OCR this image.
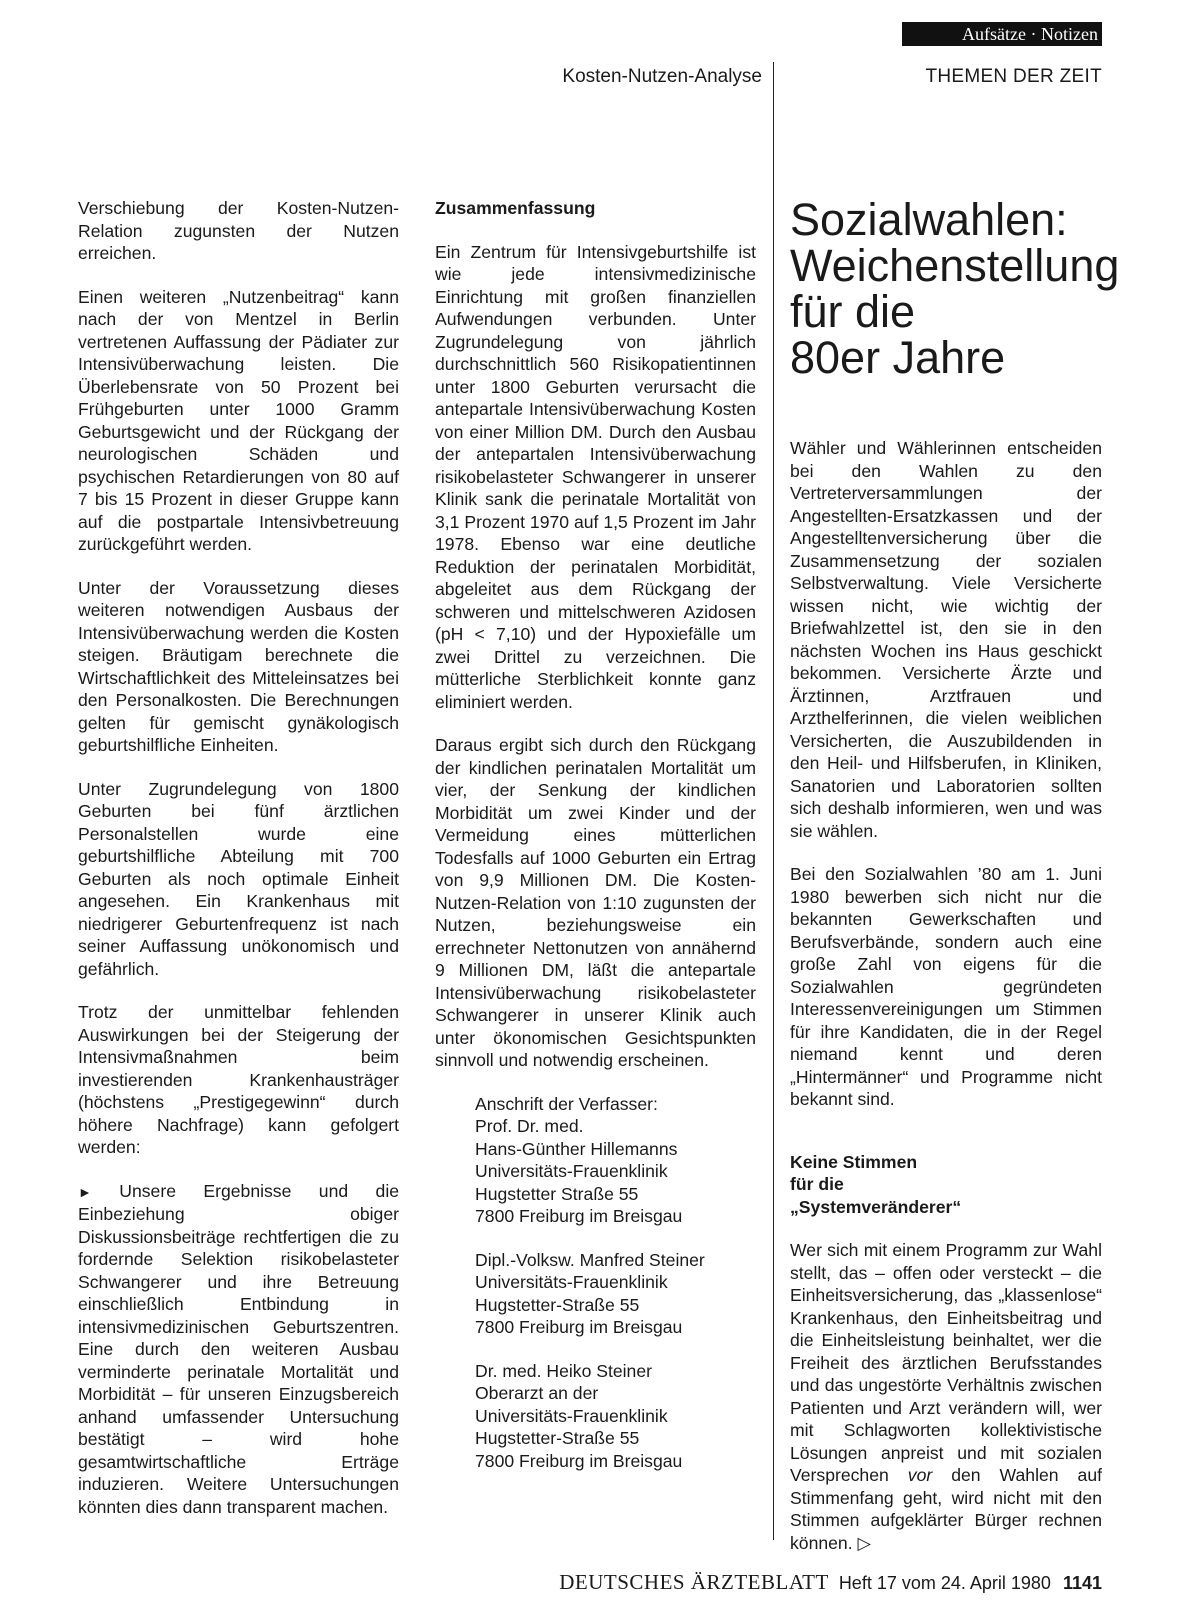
Aufsätze · Notizen
Kosten-Nutzen-Analyse	THEMEN DER ZEIT

Verschiebung der Kosten-Nutzen-Relation zugunsten der Nutzen erreichen.

Einen weiteren „Nutzenbeitrag“ kann nach der von Mentzel in Berlin vertretenen Auffassung der Pädiater zur Intensivüberwachung leisten. Die Überlebensrate von 50 Prozent bei Frühgeburten unter 1000 Gramm Geburtsgewicht und der Rückgang der neurologischen Schäden und psychischen Retardierungen von 80 auf 7 bis 15 Prozent in dieser Gruppe kann auf die postpartale Intensivbetreuung zurückgeführt werden.

Unter der Voraussetzung dieses weiteren notwendigen Ausbaus der Intensivüberwachung werden die Kosten steigen. Bräutigam berechnete die Wirtschaftlichkeit des Mitteleinsatzes bei den Personalkosten. Die Berechnungen gelten für gemischt gynäkologisch geburtshilfliche Einheiten.

Unter Zugrundelegung von 1800 Geburten bei fünf ärztlichen Personalstellen wurde eine geburtshilfliche Abteilung mit 700 Geburten als noch optimale Einheit angesehen. Ein Krankenhaus mit niedrigerer Geburtenfrequenz ist nach seiner Auffassung unökonomisch und gefährlich.

Trotz der unmittelbar fehlenden Auswirkungen bei der Steigerung der Intensivmaßnahmen beim investierenden Krankenhausträger (höchstens „Prestigegewinn“ durch höhere Nachfrage) kann gefolgert werden:

► Unsere Ergebnisse und die Einbeziehung obiger Diskussionsbeiträge rechtfertigen die zu fordernde Selektion risikobelasteter Schwangerer und ihre Betreuung einschließlich Entbindung in intensivmedizinischen Geburtszentren. Eine durch den weiteren Ausbau verminderte perinatale Mortalität und Morbidität – für unseren Einzugsbereich anhand umfassender Untersuchung bestätigt – wird hohe gesamtwirtschaftliche Erträge induzieren. Weitere Untersuchungen könnten dies dann transparent machen.

Zusammenfassung

Ein Zentrum für Intensivgeburtshilfe ist wie jede intensivmedizinische Einrichtung mit großen finanziellen Aufwendungen verbunden. Unter Zugrundelegung von jährlich durchschnittlich 560 Risikopatientinnen unter 1800 Geburten verursacht die antepartale Intensivüberwachung Kosten von einer Million DM. Durch den Ausbau der antepartalen Intensivüberwachung risikobelasteter Schwangerer in unserer Klinik sank die perinatale Mortalität von 3,1 Prozent 1970 auf 1,5 Prozent im Jahr 1978. Ebenso war eine deutliche Reduktion der perinatalen Morbidität, abgeleitet aus dem Rückgang der schweren und mittelschweren Azidosen (pH < 7,10) und der Hypoxiefälle um zwei Drittel zu verzeichnen. Die mütterliche Sterblichkeit konnte ganz eliminiert werden.

Daraus ergibt sich durch den Rückgang der kindlichen perinatalen Mortalität um vier, der Senkung der kindlichen Morbidität um zwei Kinder und der Vermeidung eines mütterlichen Todesfalls auf 1000 Geburten ein Ertrag von 9,9 Millionen DM. Die Kosten-Nutzen-Relation von 1:10 zugunsten der Nutzen, beziehungsweise ein errechneter Nettonutzen von annähernd 9 Millionen DM, läßt die antepartale Intensivüberwachung risikobelasteter Schwangerer in unserer Klinik auch unter ökonomischen Gesichtspunkten sinnvoll und notwendig erscheinen.

Anschrift der Verfasser:
Prof. Dr. med.
Hans-Günther Hillemanns
Universitäts-Frauenklinik
Hugstetter Straße 55
7800 Freiburg im Breisgau

Dipl.-Volksw. Manfred Steiner
Universitäts-Frauenklinik
Hugstetter-Straße 55
7800 Freiburg im Breisgau

Dr. med. Heiko Steiner
Oberarzt an der
Universitäts-Frauenklinik
Hugstetter-Straße 55
7800 Freiburg im Breisgau

Sozialwahlen:
Weichenstellung
für die
80er Jahre

Wähler und Wählerinnen entscheiden bei den Wahlen zu den Vertreterversammlungen der Angestellten-Ersatzkassen und der Angestelltenversicherung über die Zusammensetzung der sozialen Selbstverwaltung. Viele Versicherte wissen nicht, wie wichtig der Briefwahlzettel ist, den sie in den nächsten Wochen ins Haus geschickt bekommen. Versicherte Ärzte und Ärztinnen, Arztfrauen und Arzthelferinnen, die vielen weiblichen Versicherten, die Auszubildenden in den Heil- und Hilfsberufen, in Kliniken, Sanatorien und Laboratorien sollten sich deshalb informieren, wen und was sie wählen.

Bei den Sozialwahlen ’80 am 1. Juni 1980 bewerben sich nicht nur die bekannten Gewerkschaften und Berufsverbände, sondern auch eine große Zahl von eigens für die Sozialwahlen gegründeten Interessenvereinigungen um Stimmen für ihre Kandidaten, die in der Regel niemand kennt und deren „Hintermänner“ und Programme nicht bekannt sind.

Keine Stimmen
für die
„Systemveränderer“

Wer sich mit einem Programm zur Wahl stellt, das – offen oder versteckt – die Einheitsversicherung, das „klassenlose“ Krankenhaus, den Einheitsbeitrag und die Einheitsleistung beinhaltet, wer die Freiheit des ärztlichen Berufsstandes und das ungestörte Verhältnis zwischen Patienten und Arzt verändern will, wer mit Schlagworten kollektivistische Lösungen anpreist und mit sozialen Versprechen vor den Wahlen auf Stimmenfang geht, wird nicht mit den Stimmen aufgeklärter Bürger rechnen können. ▷

DEUTSCHES ÄRZTEBLATT Heft 17 vom 24. April 1980 1141
